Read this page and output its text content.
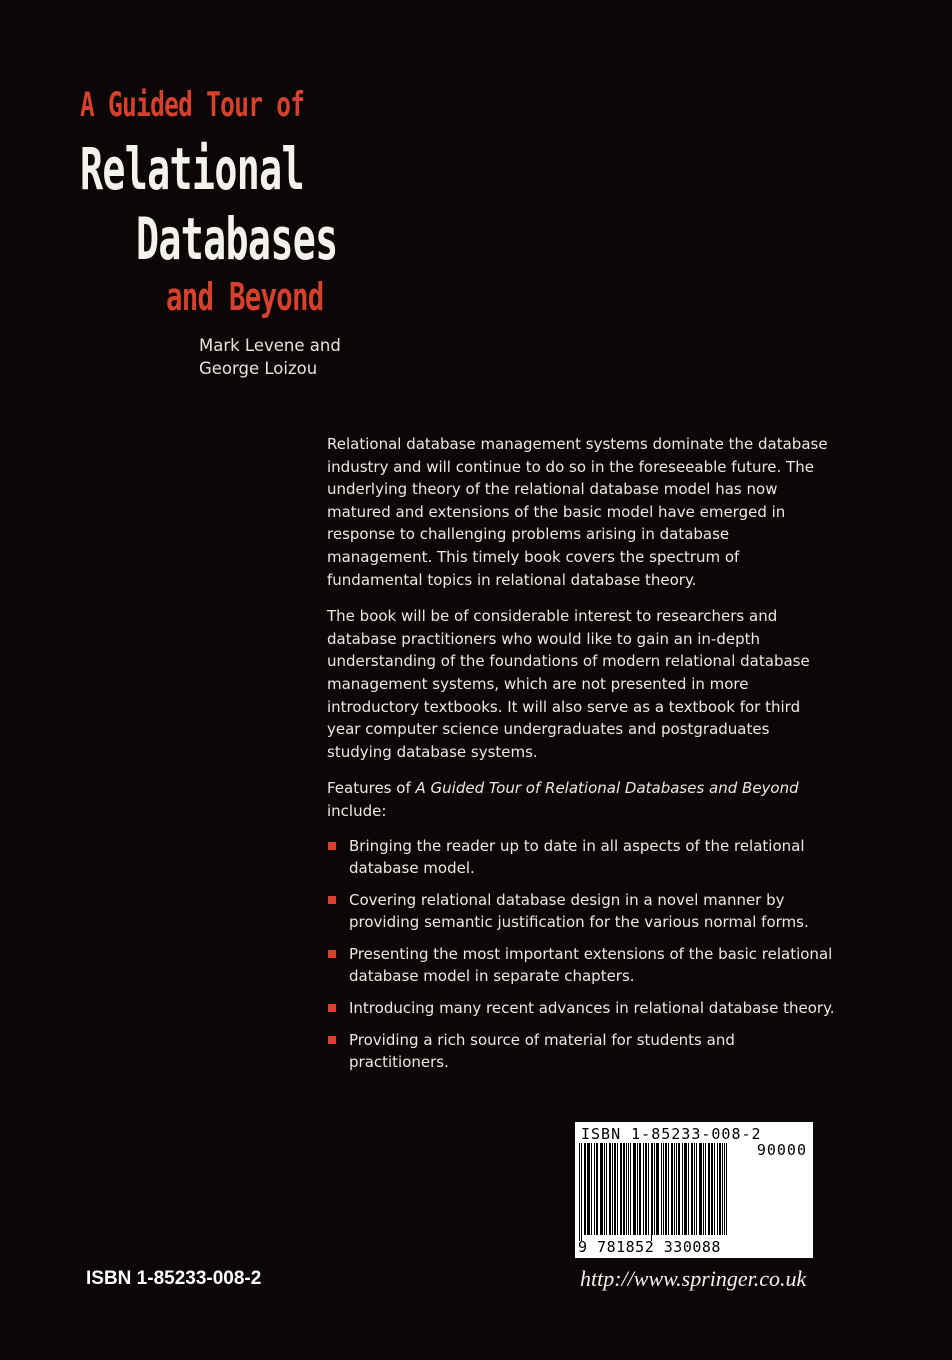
A Guided Tour of
Relational
Databases
and Beyond
Mark Levene and
George Loizou

Relational database management systems dominate the database industry and will continue to do so in the foreseeable future. The underlying theory of the relational database model has now matured and extensions of the basic model have emerged in response to challenging problems arising in database management. This timely book covers the spectrum of fundamental topics in relational database theory.

The book will be of considerable interest to researchers and database practitioners who would like to gain an in-depth understanding of the foundations of modern relational database management systems, which are not presented in more introductory textbooks. It will also serve as a textbook for third year computer science undergraduates and postgraduates studying database systems.

Features of A Guided Tour of Relational Databases and Beyond include:

Bringing the reader up to date in all aspects of the relational database model.
Covering relational database design in a novel manner by providing semantic justification for the various normal forms.
Presenting the most important extensions of the basic relational database model in separate chapters.
Introducing many recent advances in relational database theory.
Providing a rich source of material for students and practitioners.
ISBN 1-85233-008-2
90000
9 781852 330088
ISBN 1-85233-008-2	http://www.springer.co.uk
